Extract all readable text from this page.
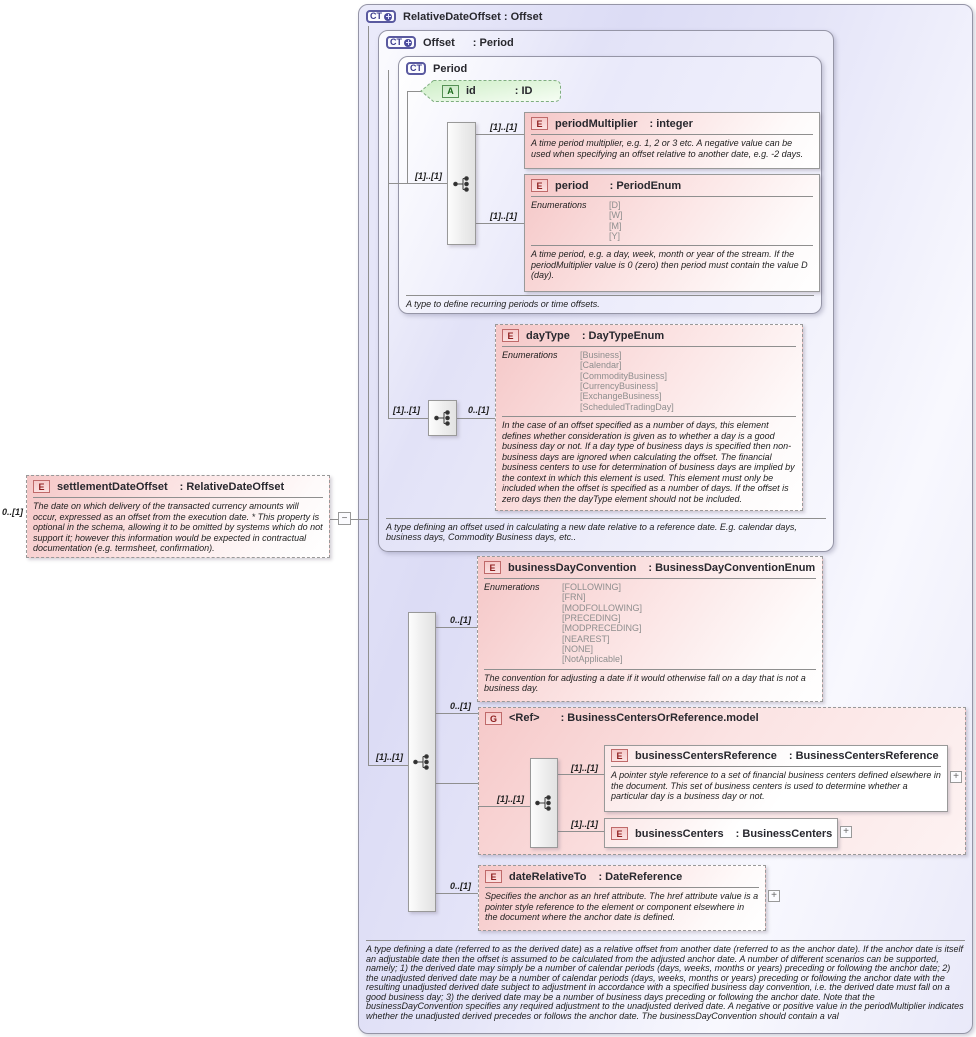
CT RelativeDateOffset : Offset
A type defining a date (referred to as the derived date) as a relative offset from another date (referred to as the anchor date). If the anchor date is itself an adjustable date then the offset is assumed to be calculated from the adjusted anchor date. A number of different scenarios can be supported, namely; 1) the derived date may simply be a number of calendar periods (days, weeks, months or years) preceding or following the anchor date; 2) the unadjusted derived date may be a number of calendar periods (days, weeks, months or years) preceding or following the anchor date with the resulting unadjusted derived date subject to adjustment in accordance with a specified business day convention, i.e. the derived date must fall on a good business day; 3) the derived date may be a number of business days preceding or following the anchor date. Note that the businessDayConvention specifies any required adjustment to the unadjusted derived date. A negative or positive value in the periodMultiplier indicates whether the unadjusted derived precedes or follows the anchor date. The businessDayConvention should contain a val
CT Offset : Period
A type defining an offset used in calculating a new date relative to a reference date. E.g. calendar days, business days, Commodity Business days, etc..
CT Period
A type to define recurring periods or time offsets.
G	<Ref> : BusinessCentersOrReference.model
[1]..[1]
[1]..[1]
[1]..[1]
[1]..[1]	0..[1]
0..[1]
[1]..[1]
0..[1]
0..[1]
[1]..[1]
[1]..[1]
[1]..[1]
0..[1]
A	id	: ID
E	periodMultiplier : integer
A time period multiplier, e.g. 1, 2 or 3 etc. A negative value can be used when specifying an offset relative to another date, e.g. -2 days.
E	period : PeriodEnum
Enumerations	[D]
[W]
[M]
[Y]
A time period, e.g. a day, week, month or year of the stream. If the periodMultiplier value is 0 (zero) then period must contain the value D (day).
E	dayType : DayTypeEnum
Enumerations	[Business]
[Calendar]
[CommodityBusiness]
[CurrencyBusiness]
[ExchangeBusiness]
[ScheduledTradingDay]
In the case of an offset specified as a number of days, this element defines whether consideration is given as to whether a day is a good business day or not. If a day type of business days is specified then non-business days are ignored when calculating the offset. The financial business centers to use for determination of business days are implied by the context in which this element is used. This element must only be included when the offset is specified as a number of days. If the offset is zero days then the dayType element should not be included.
E	settlementDateOffset : RelativeDateOffset
The date on which delivery of the transacted currency amounts will occur, expressed as an offset from the execution date. * This property is optional in the schema, allowing it to be omitted by systems which do not support it; however this information would be expected in contractual documentation (e.g. termsheet, confirmation).
−
E	businessDayConvention : BusinessDayConventionEnum
Enumerations	[FOLLOWING]
[FRN]
[MODFOLLOWING]
[PRECEDING]
[MODPRECEDING]
[NEAREST]
[NONE]
[NotApplicable]
The convention for adjusting a date if it would otherwise fall on a day that is not a business day.
E	businessCentersReference : BusinessCentersReference
A pointer style reference to a set of financial business centers defined elsewhere in the document. This set of business centers is used to determine whether a particular day is a business day or not.
+
E	businessCenters : BusinessCenters
+
E	dateRelativeTo : DateReference
Specifies the anchor as an href attribute. The href attribute value is a pointer style reference to the element or component elsewhere in the document where the anchor date is defined.
+
